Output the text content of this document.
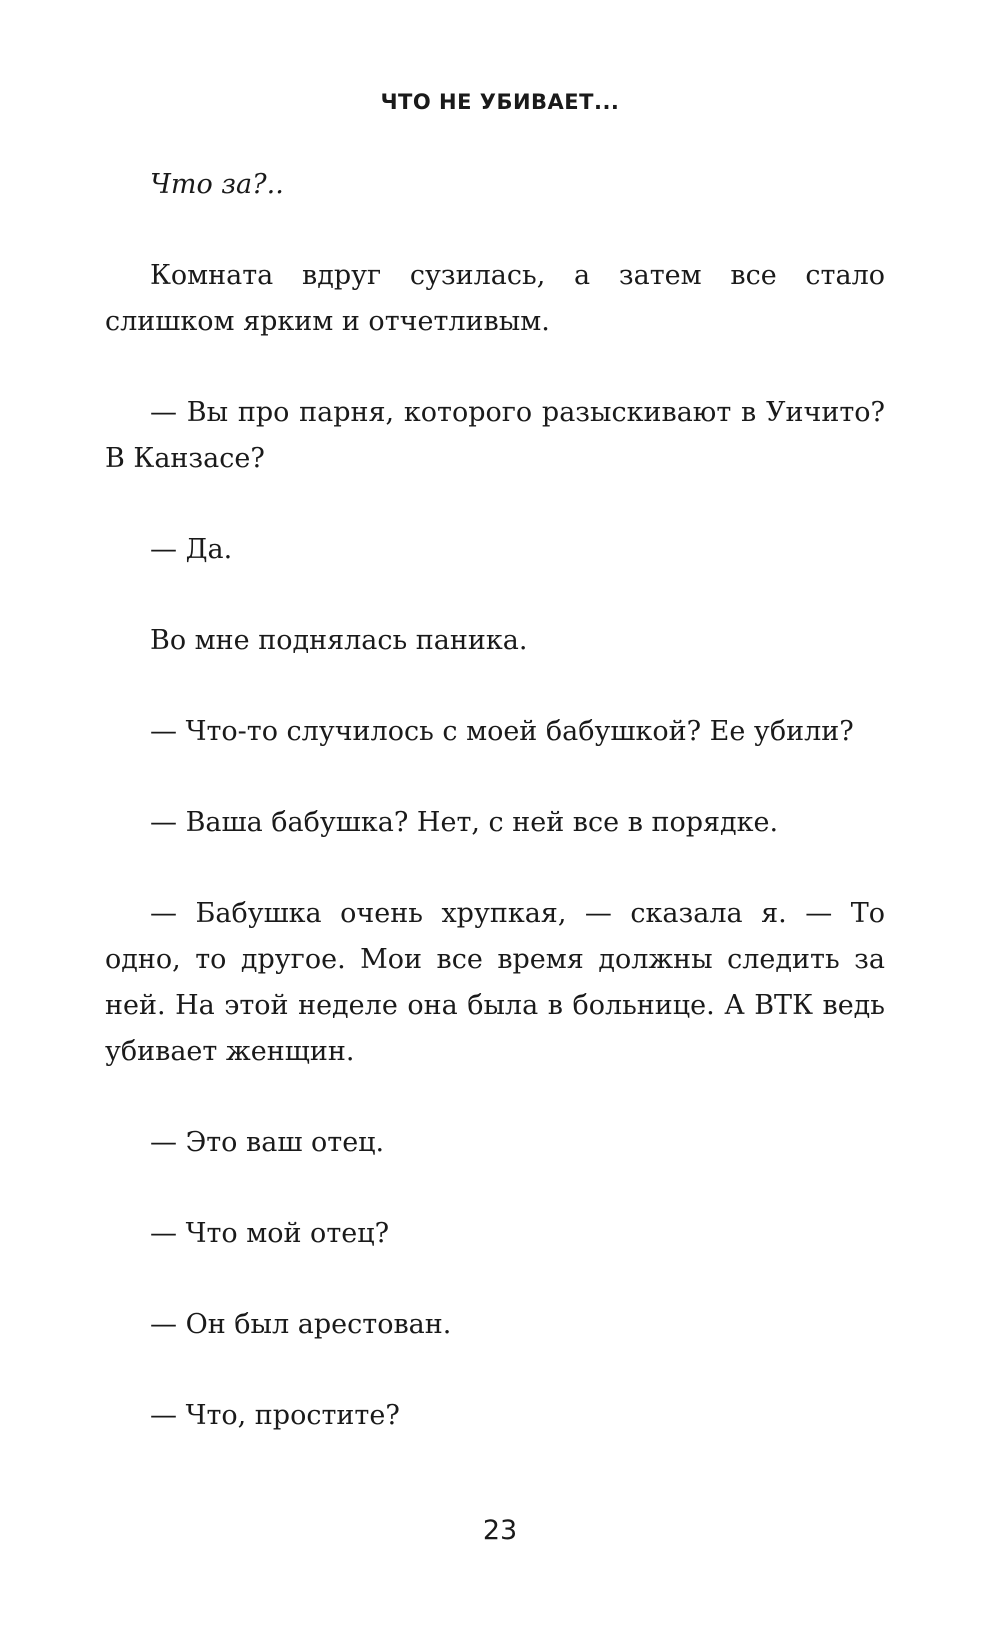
ЧТО НЕ УБИВАЕТ...

Что за?..

Комната вдруг сузилась, а затем все стало слишком ярким и отчетливым.

— Вы про парня, которого разыскивают в Уичито? В Канзасе?

— Да.

Во мне поднялась паника.

— Что-то случилось с моей бабушкой? Ее убили?

— Ваша бабушка? Нет, с ней все в порядке.

— Бабушка очень хрупкая, — сказала я. — То одно, то другое. Мои все время должны следить за ней. На этой неделе она была в больнице. А ВТК ведь убивает женщин.

— Это ваш отец.

— Что мой отец?

— Он был арестован.

— Что, простите?

23
